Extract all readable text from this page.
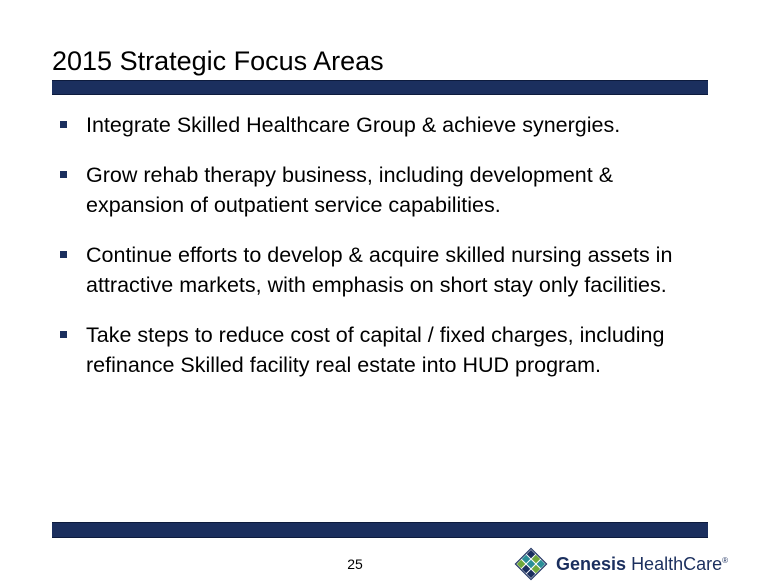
2015 Strategic Focus Areas
Integrate Skilled Healthcare Group & achieve synergies.
Grow rehab therapy business, including development & expansion of outpatient service capabilities.
Continue efforts to develop & acquire skilled nursing assets in attractive markets, with emphasis on short stay only facilities.
Take steps to reduce cost of capital / fixed charges, including refinance Skilled facility real estate into HUD program.
25	Genesis HealthCare®
